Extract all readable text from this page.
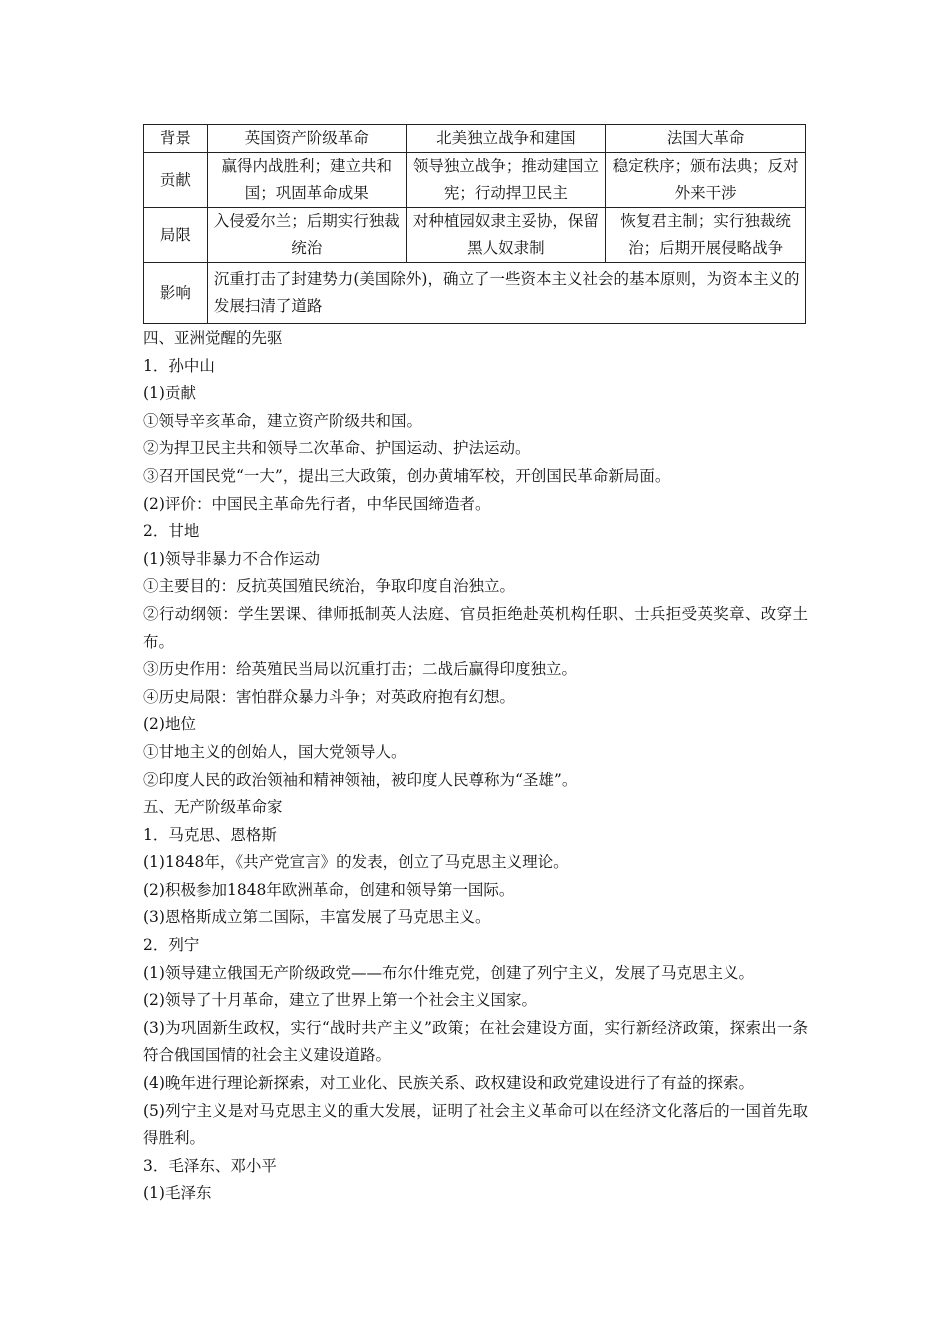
背景	英国资产阶级革命	北美独立战争和建国	法国大革命
贡献	赢得内战胜利；建立共和国；巩固革命成果	领导独立战争；推动建国立宪；行动捍卫民主	稳定秩序；颁布法典；反对外来干涉
局限	入侵爱尔兰；后期实行独裁统治	对种植园奴隶主妥协，保留黑人奴隶制	恢复君主制；实行独裁统治；后期开展侵略战争
影响	沉重打击了封建势力(美国除外)，确立了一些资本主义社会的基本原则，为资本主义的发展扫清了道路		

四、亚洲觉醒的先驱

1．孙中山

(1)贡献

①领导辛亥革命，建立资产阶级共和国。

②为捍卫民主共和领导二次革命、护国运动、护法运动。

③召开国民党“一大”，提出三大政策，创办黄埔军校，开创国民革命新局面。

(2)评价：中国民主革命先行者，中华民国缔造者。

2．甘地

(1)领导非暴力不合作运动

①主要目的：反抗英国殖民统治，争取印度自治独立。

②行动纲领：学生罢课、律师抵制英人法庭、官员拒绝赴英机构任职、士兵拒受英奖章、改穿土布。

③历史作用：给英殖民当局以沉重打击；二战后赢得印度独立。

④历史局限：害怕群众暴力斗争；对英政府抱有幻想。

(2)地位

①甘地主义的创始人，国大党领导人。

②印度人民的政治领袖和精神领袖，被印度人民尊称为“圣雄”。

五、无产阶级革命家

1．马克思、恩格斯

(1)1848年，《共产党宣言》的发表，创立了马克思主义理论。

(2)积极参加1848年欧洲革命，创建和领导第一国际。

(3)恩格斯成立第二国际，丰富发展了马克思主义。

2．列宁

(1)领导建立俄国无产阶级政党——布尔什维克党，创建了列宁主义，发展了马克思主义。

(2)领导了十月革命，建立了世界上第一个社会主义国家。

(3)为巩固新生政权，实行“战时共产主义”政策；在社会建设方面，实行新经济政策，探索出一条符合俄国国情的社会主义建设道路。

(4)晚年进行理论新探索，对工业化、民族关系、政权建设和政党建设进行了有益的探索。

(5)列宁主义是对马克思主义的重大发展，证明了社会主义革命可以在经济文化落后的一国首先取得胜利。

3．毛泽东、邓小平

(1)毛泽东
